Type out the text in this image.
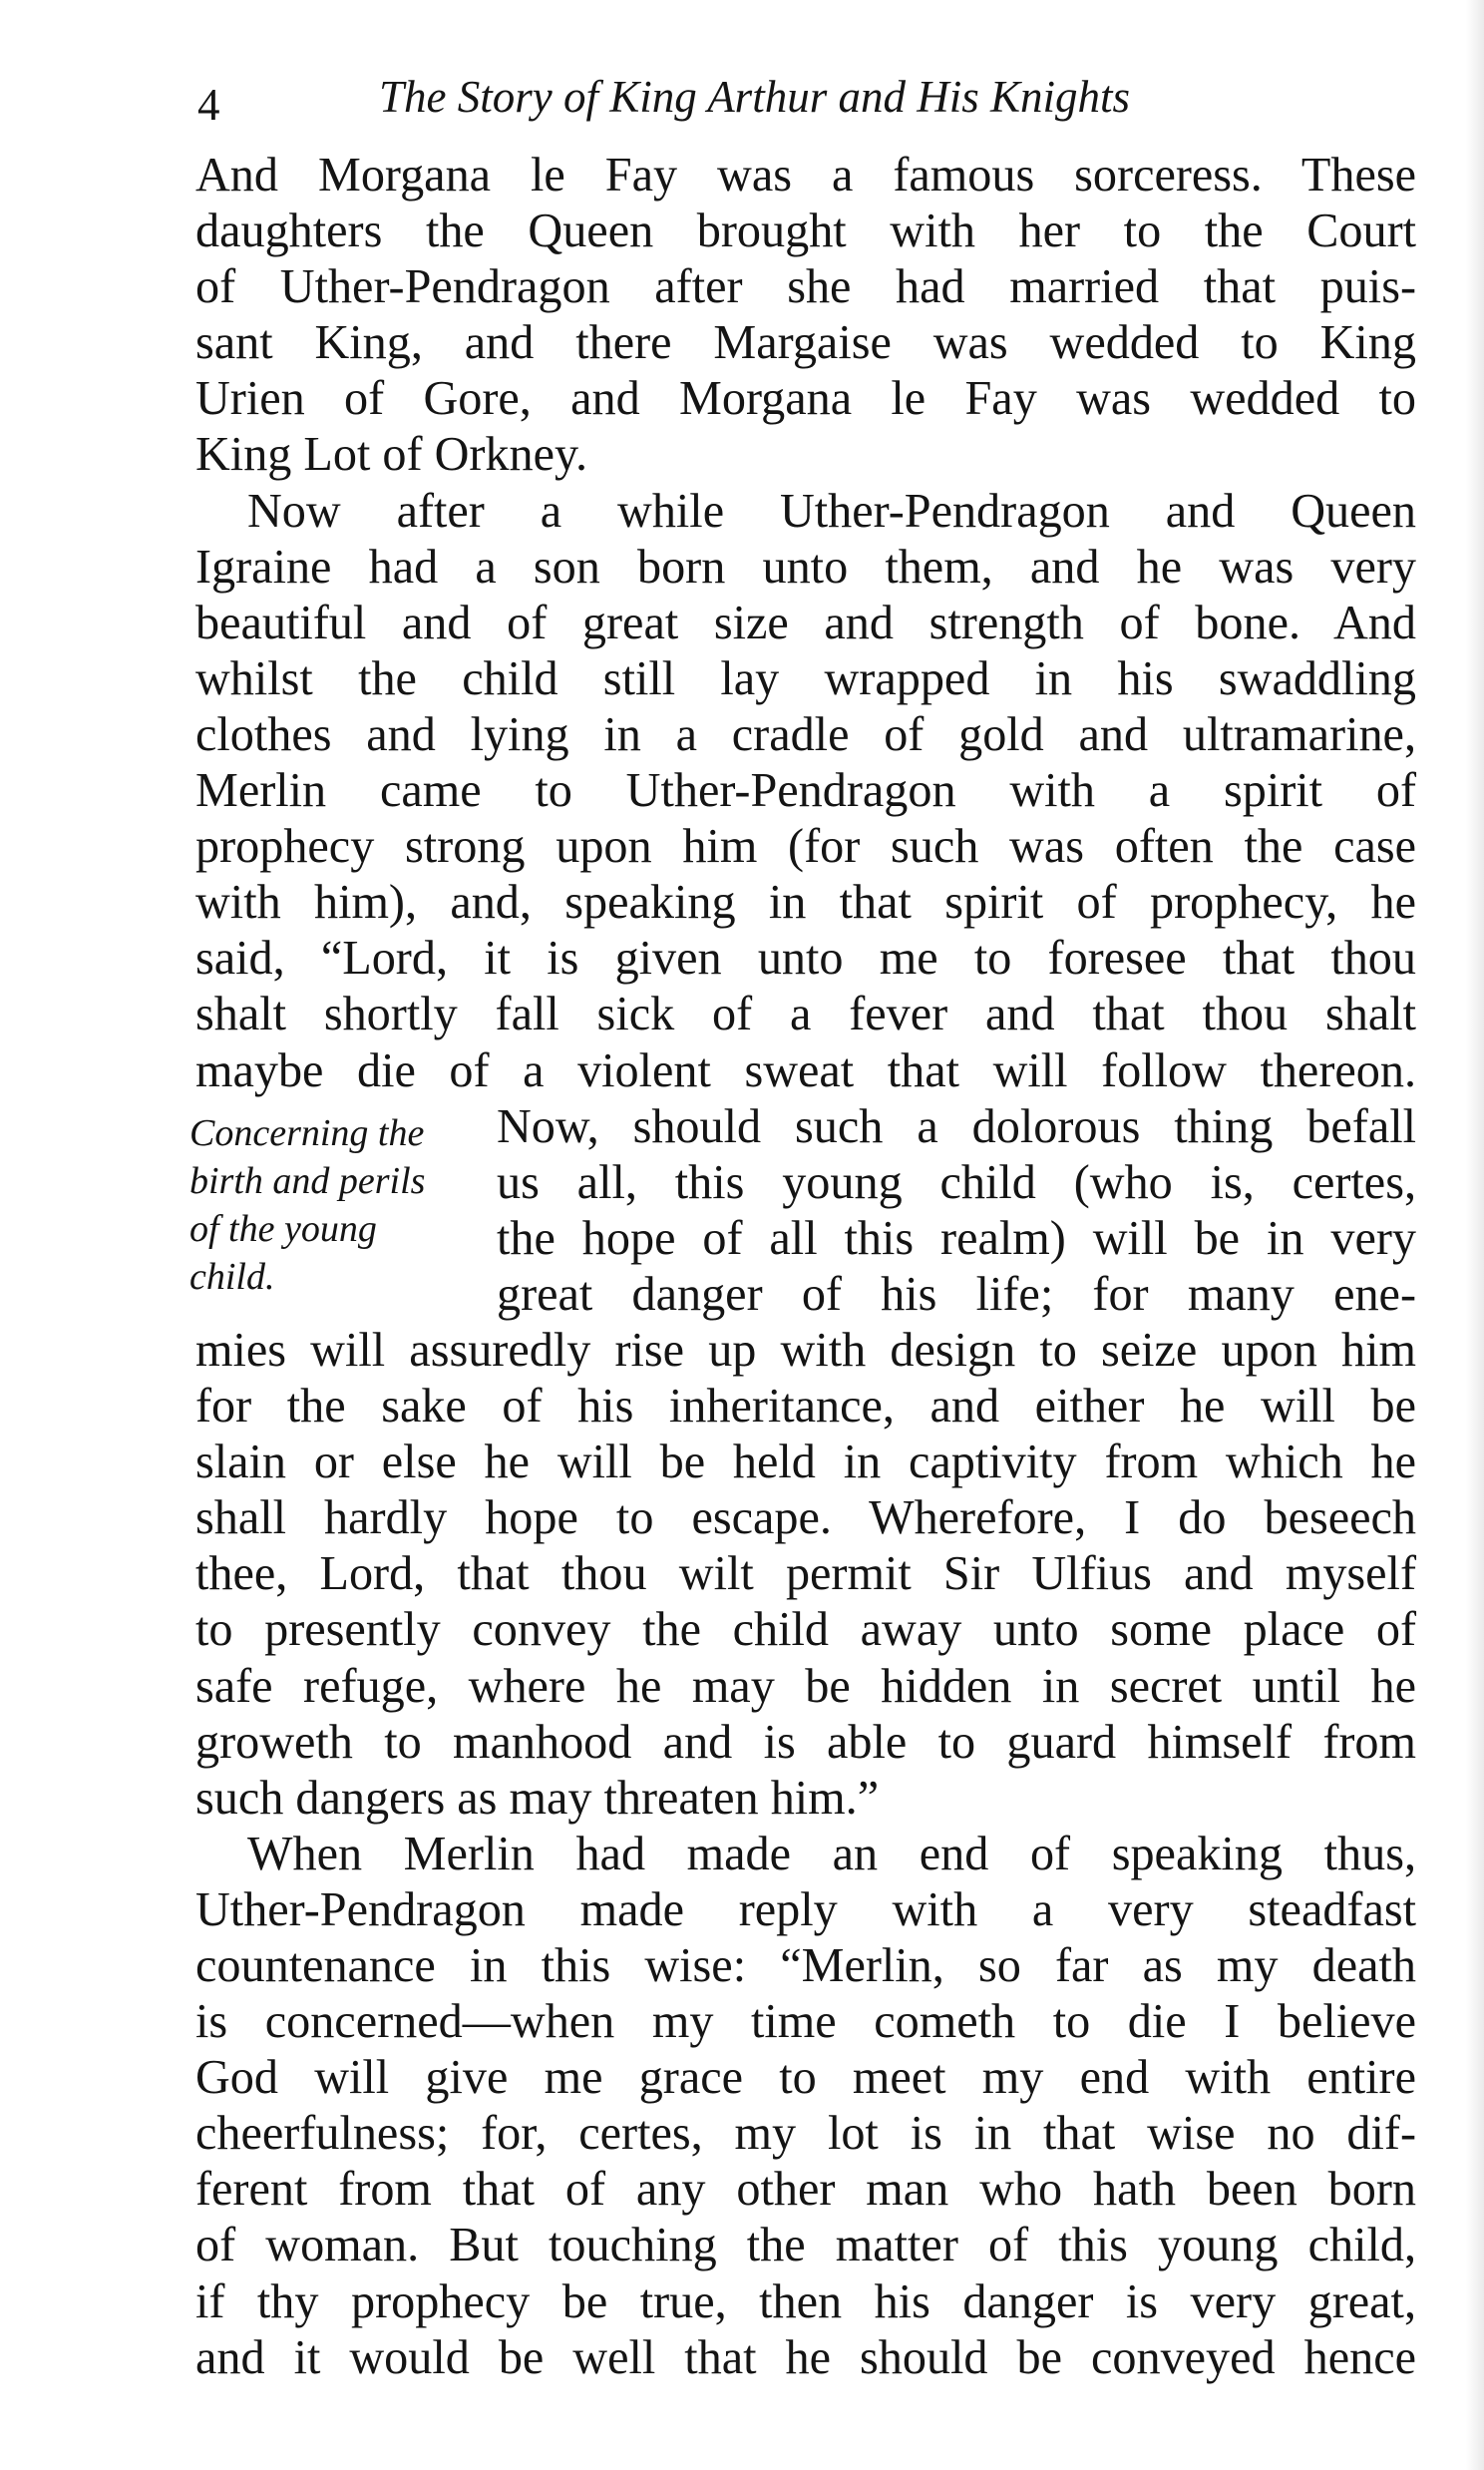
4	The Story of King Arthur and His Knights
Concerning the
birth and perils
of the young
child.
And Morgana le Fay was a famous sorceress. These
daughters the Queen brought with her to the Court
of Uther-Pendragon after she had married that puis-
sant King, and there Margaise was wedded to King
Urien of Gore, and Morgana le Fay was wedded to
King Lot of Orkney.
Now after a while Uther-Pendragon and Queen
Igraine had a son born unto them, and he was very
beautiful and of great size and strength of bone. And
whilst the child still lay wrapped in his swaddling
clothes and lying in a cradle of gold and ultramarine,
Merlin came to Uther-Pendragon with a spirit of
prophecy strong upon him (for such was often the case
with him), and, speaking in that spirit of prophecy, he
said, “Lord, it is given unto me to foresee that thou
shalt shortly fall sick of a fever and that thou shalt
maybe die of a violent sweat that will follow thereon.
Now, should such a dolorous thing befall
us all, this young child (who is, certes,
the hope of all this realm) will be in very
great danger of his life; for many ene-
mies will assuredly rise up with design to seize upon him
for the sake of his inheritance, and either he will be
slain or else he will be held in captivity from which he
shall hardly hope to escape. Wherefore, I do beseech
thee, Lord, that thou wilt permit Sir Ulfius and myself
to presently convey the child away unto some place of
safe refuge, where he may be hidden in secret until he
groweth to manhood and is able to guard himself from
such dangers as may threaten him.”
When Merlin had made an end of speaking thus,
Uther-Pendragon made reply with a very steadfast
countenance in this wise: “Merlin, so far as my death
is concerned—when my time cometh to die I believe
God will give me grace to meet my end with entire
cheerfulness; for, certes, my lot is in that wise no dif-
ferent from that of any other man who hath been born
of woman. But touching the matter of this young child,
if thy prophecy be true, then his danger is very great,
and it would be well that he should be conveyed hence
